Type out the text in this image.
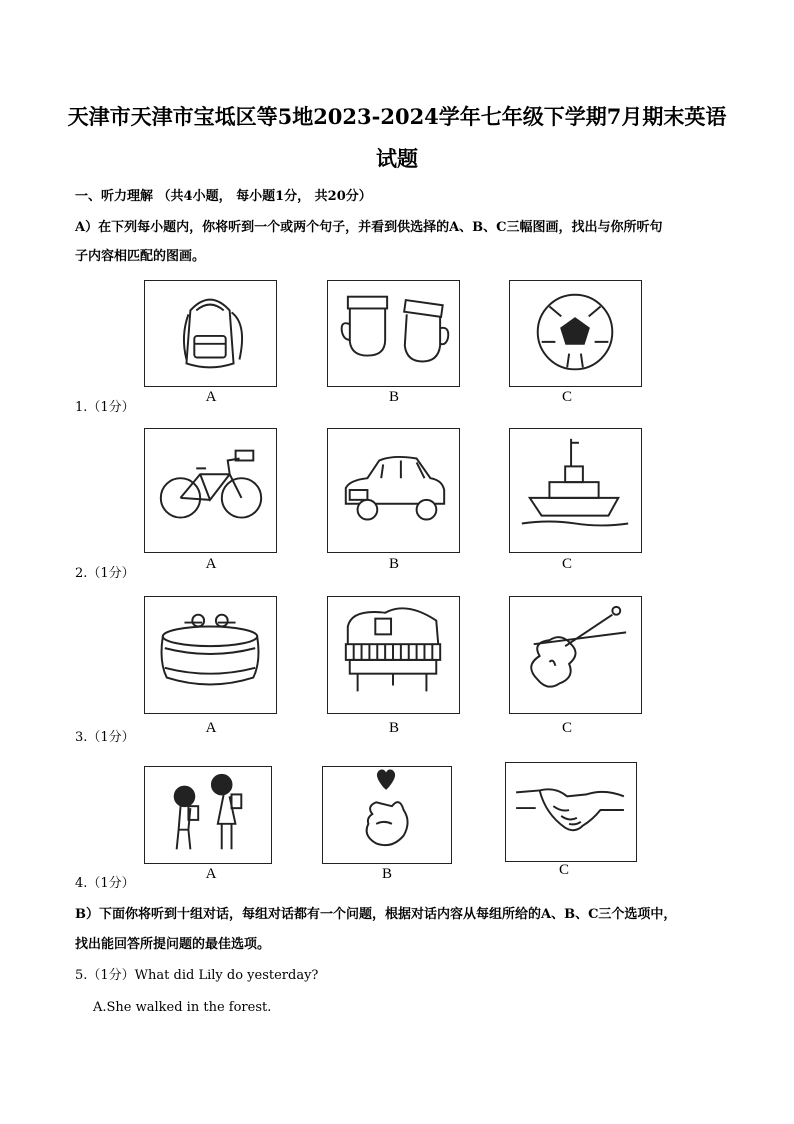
天津市天津市宝坻区等5地2023-2024学年七年级下学期7月期末英语试题
一、听力理解 （共4小题， 每小题1分， 共20分）
A）在下列每小题内，你将听到一个或两个句子，并看到供选择的A、B、C三幅图画，找出与你所听句
子内容相匹配的图画。
1.（1分）
A	B	C
2.（1分）
A	B	C
3.（1分）
A	B	C
4.（1分）
A	B	C
B）下面你将听到十组对话，每组对话都有一个问题，根据对话内容从每组所给的A、B、C三个选项中，
找出能回答所提问题的最佳选项。
5.（1分）What did Lily do yesterday?
A.She walked in the forest.
